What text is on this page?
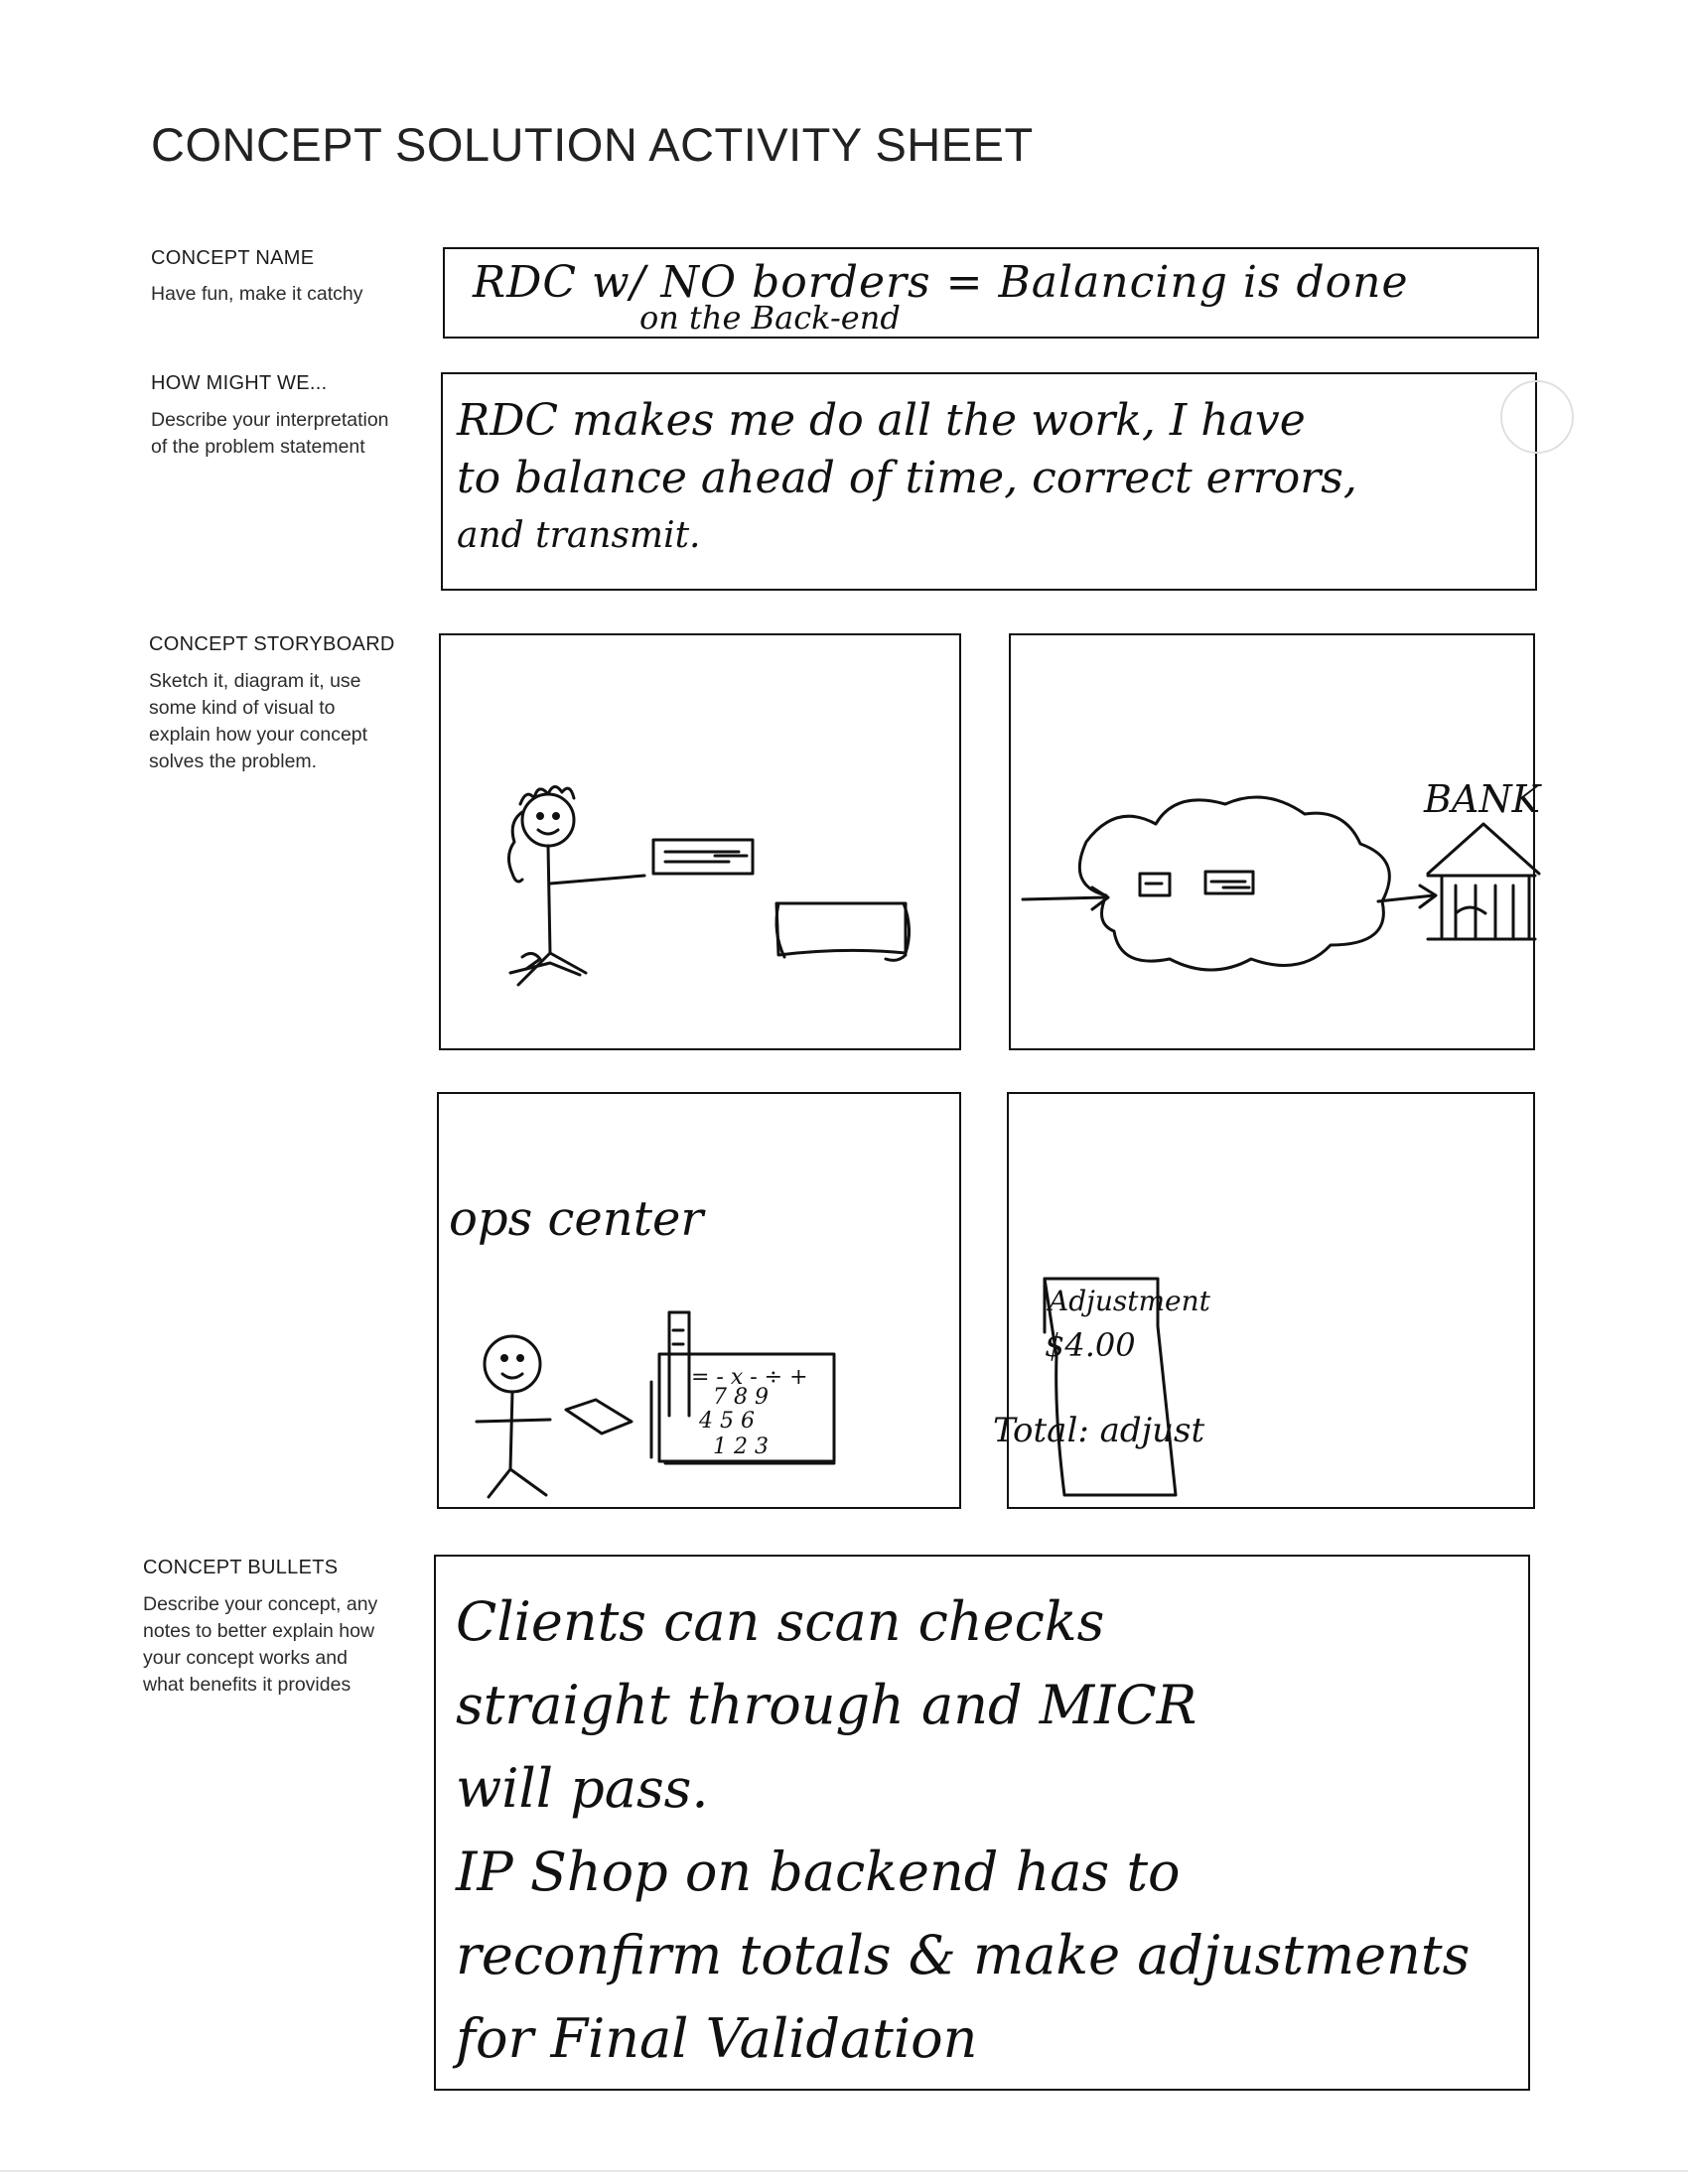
CONCEPT SOLUTION ACTIVITY SHEET
CONCEPT NAME
Have fun, make it catchy	RDC w/ NO borders = Balancing is done
on the Back-end
HOW MIGHT WE...
Describe your interpretation
of the problem statement
RDC makes me do all the work, I have
to balance ahead of time, correct errors,
and transmit.
CONCEPT STORYBOARD
Sketch it, diagram it, use
some kind of visual to
explain how your concept
solves the problem.
BANK
ops center
= - x - ÷ +
7 8 9
4 5 6
1 2 3
Adjustment
$4.00
Total: adjust
CONCEPT BULLETS
Describe your concept, any
notes to better explain how
your concept works and
what benefits it provides
Clients can scan checks
straight through and MICR
will pass.
IP Shop on backend has to
reconfirm totals & make adjustments
for Final Validation
